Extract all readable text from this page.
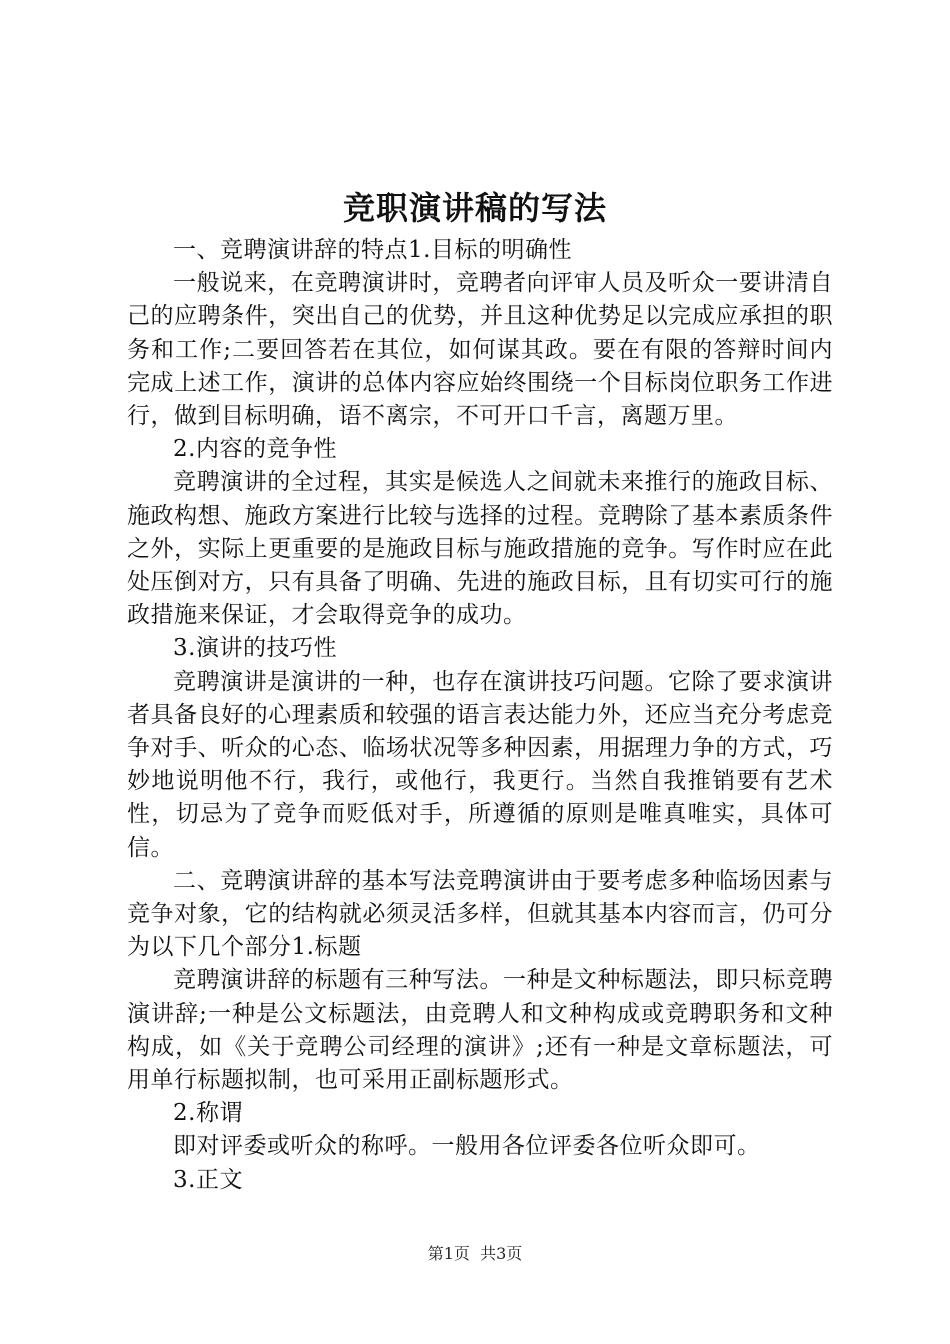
竞职演讲稿的写法

一、竞聘演讲辞的特点1.目标的明确性

一般说来，在竞聘演讲时，竞聘者向评审人员及听众一要讲清自己的应聘条件，突出自己的优势，并且这种优势足以完成应承担的职务和工作;二要回答若在其位，如何谋其政。要在有限的答辩时间内完成上述工作，演讲的总体内容应始终围绕一个目标岗位职务工作进行，做到目标明确，语不离宗，不可开口千言，离题万里。

2.内容的竞争性

竞聘演讲的全过程，其实是候选人之间就未来推行的施政目标、施政构想、施政方案进行比较与选择的过程。竞聘除了基本素质条件之外，实际上更重要的是施政目标与施政措施的竞争。写作时应在此处压倒对方，只有具备了明确、先进的施政目标，且有切实可行的施政措施来保证，才会取得竞争的成功。

3.演讲的技巧性

竞聘演讲是演讲的一种，也存在演讲技巧问题。它除了要求演讲者具备良好的心理素质和较强的语言表达能力外，还应当充分考虑竞争对手、听众的心态、临场状况等多种因素，用据理力争的方式，巧妙地说明他不行，我行，或他行，我更行。当然自我推销要有艺术性，切忌为了竞争而贬低对手，所遵循的原则是唯真唯实，具体可信。

二、竞聘演讲辞的基本写法竞聘演讲由于要考虑多种临场因素与竞争对象，它的结构就必须灵活多样，但就其基本内容而言，仍可分为以下几个部分1.标题

竞聘演讲辞的标题有三种写法。一种是文种标题法，即只标竞聘演讲辞;一种是公文标题法，由竞聘人和文种构成或竞聘职务和文种构成，如《关于竞聘公司经理的演讲》;还有一种是文章标题法，可用单行标题拟制，也可采用正副标题形式。

2.称谓

即对评委或听众的称呼。一般用各位评委各位听众即可。

3.正文

第1页  共3页
